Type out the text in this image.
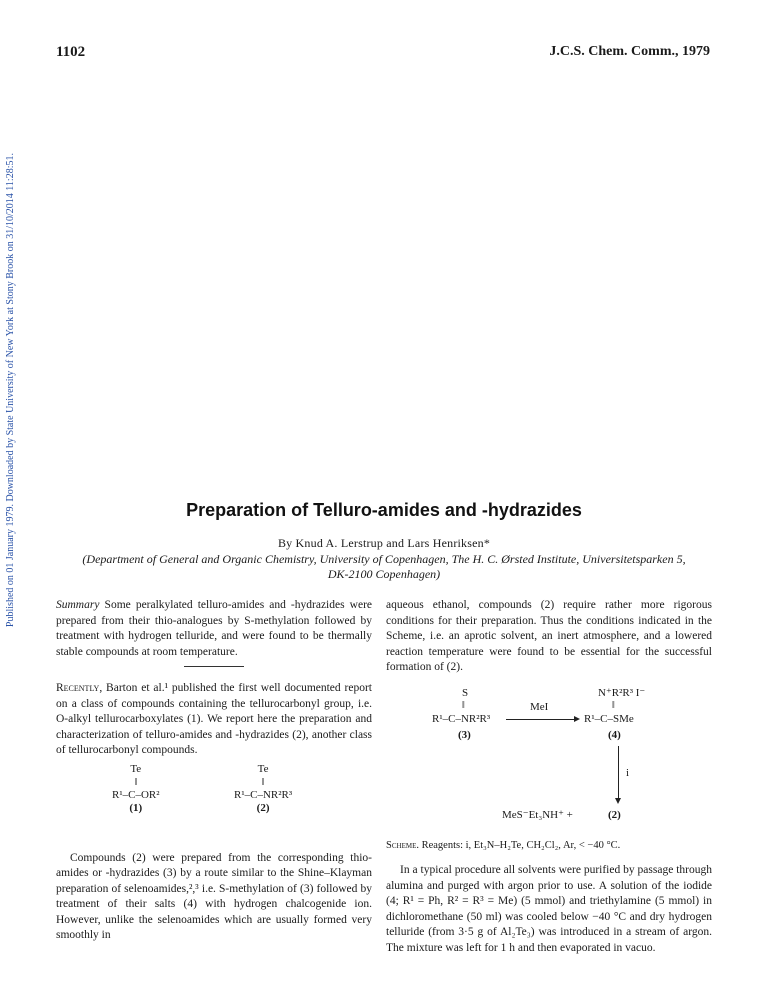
1102	J.C.S. Chem. Comm., 1979
Published on 01 January 1979. Downloaded by State University of New York at Stony Brook on 31/10/2014 11:28:51.	Preparation of Telluro-amides and -hydrazides
By Knud A. Lerstrup and Lars Henriksen*
(Department of General and Organic Chemistry, University of Copenhagen, The H. C. Ørsted Institute, Universitetsparken 5,
DK-2100 Copenhagen)

Summary Some peralkylated telluro-amides and -hydrazides were prepared from their thio-analogues by S-methylation followed by treatment with hydrogen telluride, and were found to be thermally stable compounds at room temperature.

Recently, Barton et al.¹ published the first well documented report on a class of compounds containing the tellurocarbonyl group, i.e. O-alkyl tellurocarboxylates (1). We report here the preparation and characterization of telluro-amides and -hydrazides (2), another class of tellurocarbonyl compounds.

Te
‖
R¹–C–OR²
(1)
Te
‖
R¹–C–NR²R³
(2)

Compounds (2) were prepared from the corresponding thio-amides or -hydrazides (3) by a route similar to the Shine–Klayman preparation of selenoamides,²,³ i.e. S-methylation of (3) followed by treatment of their salts (4) with hydrogen chalcogenide ion. However, unlike the selenoamides which are usually formed very smoothly in

aqueous ethanol, compounds (2) require rather more rigorous conditions for their preparation. Thus the conditions indicated in the Scheme, i.e. an aprotic solvent, an inert atmosphere, and a lowered reaction temperature were found to be essential for the successful formation of (2).

S
‖
R¹–C–NR²R³
MeI
N⁺R²R³ I⁻
‖
R¹–C–SMe
(3)	(4)
i
MeS⁻Et₃NH⁺ +	(2)
Scheme. Reagents: i, Et₃N–H₂Te, CH₂Cl₂, Ar, < −40 °C.

In a typical procedure all solvents were purified by passage through alumina and purged with argon prior to use. A solution of the iodide (4; R¹ = Ph, R² = R³ = Me) (5 mmol) and triethylamine (5 mmol) in dichloromethane (50 ml) was cooled below −40 °C and dry hydrogen telluride (from 3·5 g of Al₂Te₃) was introduced in a stream of argon. The mixture was left for 1 h and then evaporated in vacuo.
